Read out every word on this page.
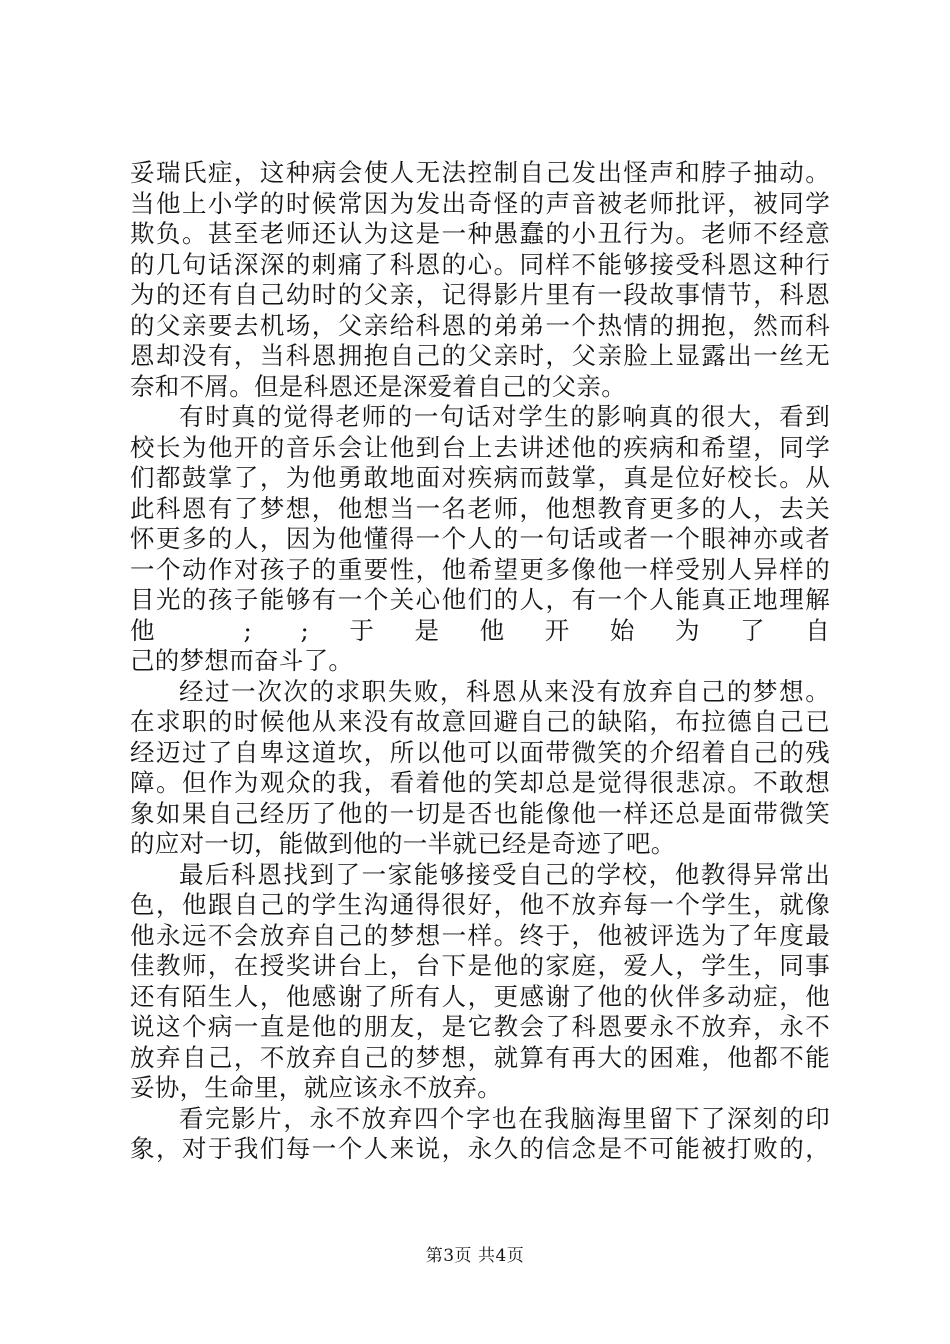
妥瑞氏症，这种病会使人无法控制自己发出怪声和脖子抽动。
当他上小学的时候常因为发出奇怪的声音被老师批评，被同学
欺负。甚至老师还认为这是一种愚蠢的小丑行为。老师不经意
的几句话深深的刺痛了科恩的心。同样不能够接受科恩这种行
为的还有自己幼时的父亲，记得影片里有一段故事情节，科恩
的父亲要去机场，父亲给科恩的弟弟一个热情的拥抱，然而科
恩却没有，当科恩拥抱自己的父亲时，父亲脸上显露出一丝无
奈和不屑。但是科恩还是深爱着自己的父亲。
有时真的觉得老师的一句话对学生的影响真的很大，看到
校长为他开的音乐会让他到台上去讲述他的疾病和希望，同学
们都鼓掌了，为他勇敢地面对疾病而鼓掌，真是位好校长。从
此科恩有了梦想，他想当一名老师，他想教育更多的人，去关
怀更多的人，因为他懂得一个人的一句话或者一个眼神亦或者
一个动作对孩子的重要性，他希望更多像他一样受别人异样的
目光的孩子能够有一个关心他们的人，有一个人能真正地理解
他 ; ;于是他开始为了自
己的梦想而奋斗了。
经过一次次的求职失败，科恩从来没有放弃自己的梦想。
在求职的时候他从来没有故意回避自己的缺陷，布拉德自己已
经迈过了自卑这道坎，所以他可以面带微笑的介绍着自己的残
障。但作为观众的我，看着他的笑却总是觉得很悲凉。不敢想
象如果自己经历了他的一切是否也能像他一样还总是面带微笑
的应对一切，能做到他的一半就已经是奇迹了吧。
最后科恩找到了一家能够接受自己的学校，他教得异常出
色，他跟自己的学生沟通得很好，他不放弃每一个学生，就像
他永远不会放弃自己的梦想一样。终于，他被评选为了年度最
佳教师，在授奖讲台上，台下是他的家庭，爱人，学生，同事
还有陌生人，他感谢了所有人，更感谢了他的伙伴多动症，他
说这个病一直是他的朋友，是它教会了科恩要永不放弃，永不
放弃自己，不放弃自己的梦想，就算有再大的困难，他都不能
妥协，生命里，就应该永不放弃。
看完影片，永不放弃四个字也在我脑海里留下了深刻的印
象，对于我们每一个人来说，永久的信念是不可能被打败的，
第3页 共4页
